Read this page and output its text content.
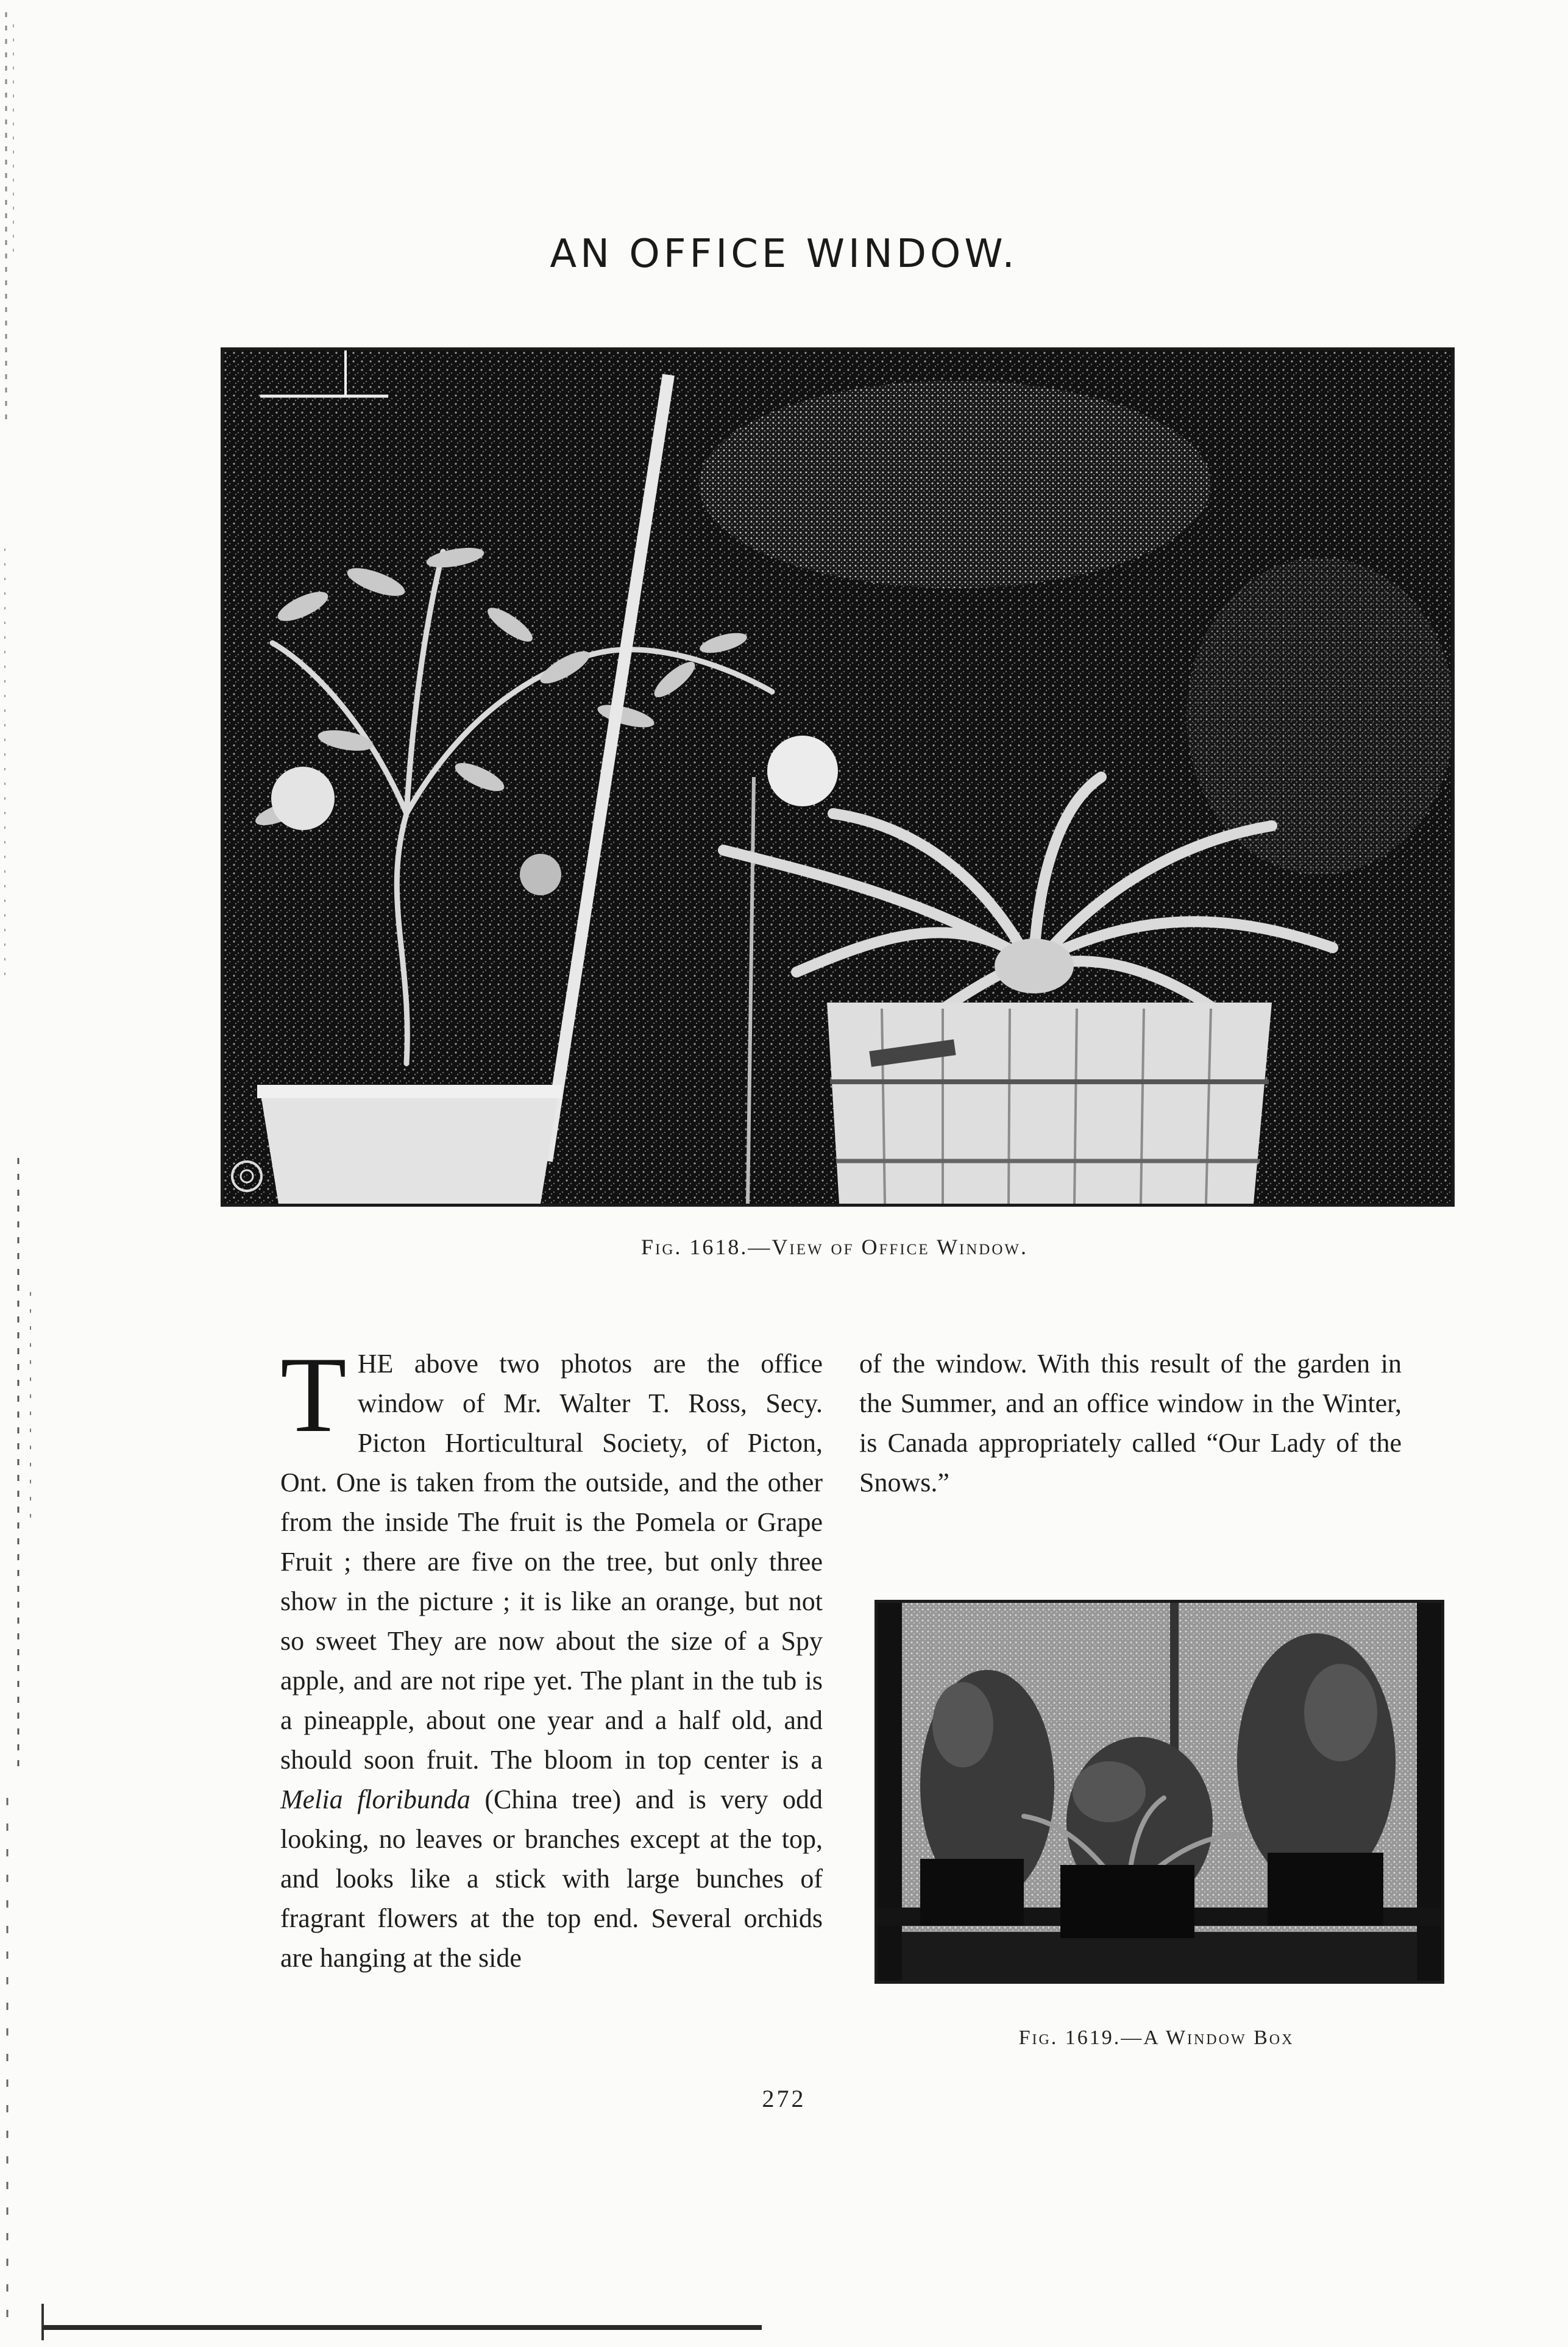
AN OFFICE WINDOW.
Fig. 1618.—View of Office Window.
THE above two photos are the office window of Mr. Walter T. Ross, Secy. Picton Horticultural Society, of Picton, Ont. One is taken from the outside, and the other from the inside The fruit is the Pomela or Grape Fruit ; there are five on the tree, but only three show in the picture ; it is like an orange, but not so sweet They are now about the size of a Spy apple, and are not ripe yet. The plant in the tub is a pineapple, about one year and a half old, and should soon fruit. The bloom in top center is a Melia floribunda (China tree) and is very odd looking, no leaves or branches except at the top, and looks like a stick with large bunches of fragrant flowers at the top end. Several orchids are hanging at the side
of the window. With this result of the garden in the Summer, and an office window in the Winter, is Canada appropriately called “Our Lady of the Snows.”
Fig. 1619.—A Window Box
272
